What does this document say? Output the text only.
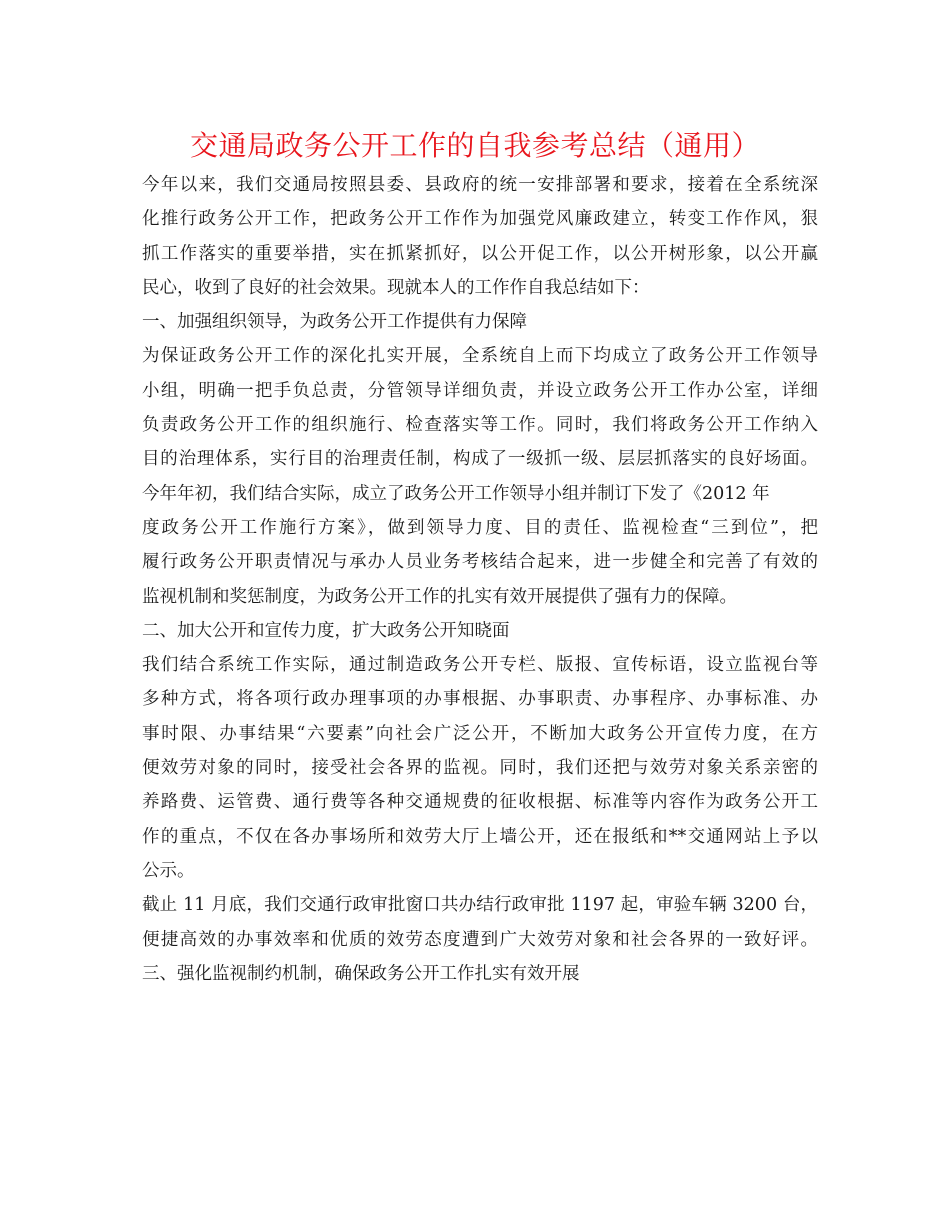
交通局政务公开工作的自我参考总结（通用）
今年以来，我们交通局按照县委、县政府的统一安排部署和要求，接着在全系统深
化推行政务公开工作，把政务公开工作作为加强党风廉政建立，转变工作作风，狠
抓工作落实的重要举措，实在抓紧抓好，以公开促工作，以公开树形象，以公开赢
民心，收到了良好的社会效果。现就本人的工作作自我总结如下：
一、加强组织领导，为政务公开工作提供有力保障
为保证政务公开工作的深化扎实开展，全系统自上而下均成立了政务公开工作领导
小组，明确一把手负总责，分管领导详细负责，并设立政务公开工作办公室，详细
负责政务公开工作的组织施行、检查落实等工作。同时，我们将政务公开工作纳入
目的治理体系，实行目的治理责任制，构成了一级抓一级、层层抓落实的良好场面。
今年年初，我们结合实际，成立了政务公开工作领导小组并制订下发了《2012 年
度政务公开工作施行方案》，做到领导力度、目的责任、监视检查“三到位”，把
履行政务公开职责情况与承办人员业务考核结合起来，进一步健全和完善了有效的
监视机制和奖惩制度，为政务公开工作的扎实有效开展提供了强有力的保障。
二、加大公开和宣传力度，扩大政务公开知晓面
我们结合系统工作实际，通过制造政务公开专栏、版报、宣传标语，设立监视台等
多种方式，将各项行政办理事项的办事根据、办事职责、办事程序、办事标准、办
事时限、办事结果“六要素”向社会广泛公开，不断加大政务公开宣传力度，在方
便效劳对象的同时，接受社会各界的监视。同时，我们还把与效劳对象关系亲密的
养路费、运管费、通行费等各种交通规费的征收根据、标准等内容作为政务公开工
作的重点，不仅在各办事场所和效劳大厅上墙公开，还在报纸和**交通网站上予以
公示。
截止 11 月底，我们交通行政审批窗口共办结行政审批 1197 起，审验车辆 3200 台，
便捷高效的办事效率和优质的效劳态度遭到广大效劳对象和社会各界的一致好评。
三、强化监视制约机制，确保政务公开工作扎实有效开展
